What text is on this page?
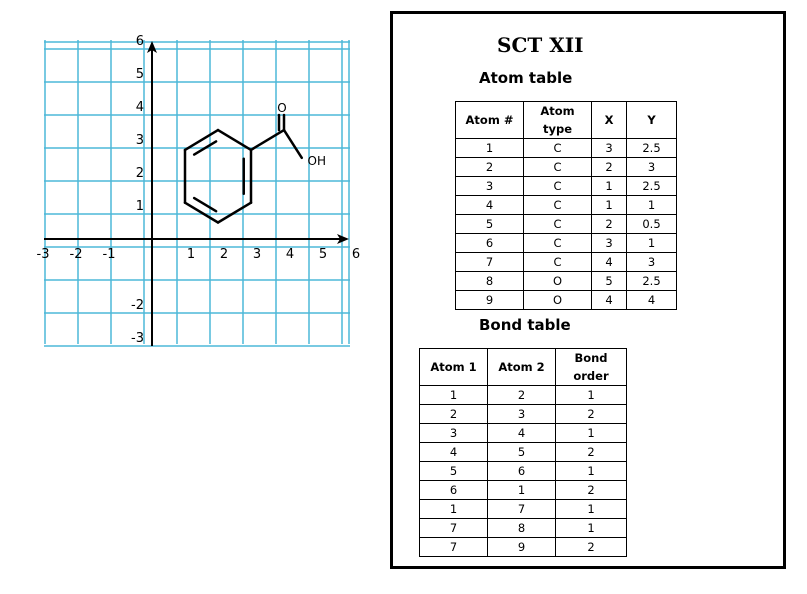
-3 -2 -1	1 2 3 4 5 6
6
5
4
3
2
1
-2
-3
OH
O
SCT XII
Atom table
Atom #	Atom type	X	Y
1	C	3	2.5
2	C	2	3
3	C	1	2.5
4	C	1	1
5	C	2	0.5
6	C	3	1
7	C	4	3
8	O	5	2.5
9	O	4	4
Bond table
Atom 1	Atom 2	Bond order
1	2	1
2	3	2
3	4	1
4	5	2
5	6	1
6	1	2
1	7	1
7	8	1
7	9	2
